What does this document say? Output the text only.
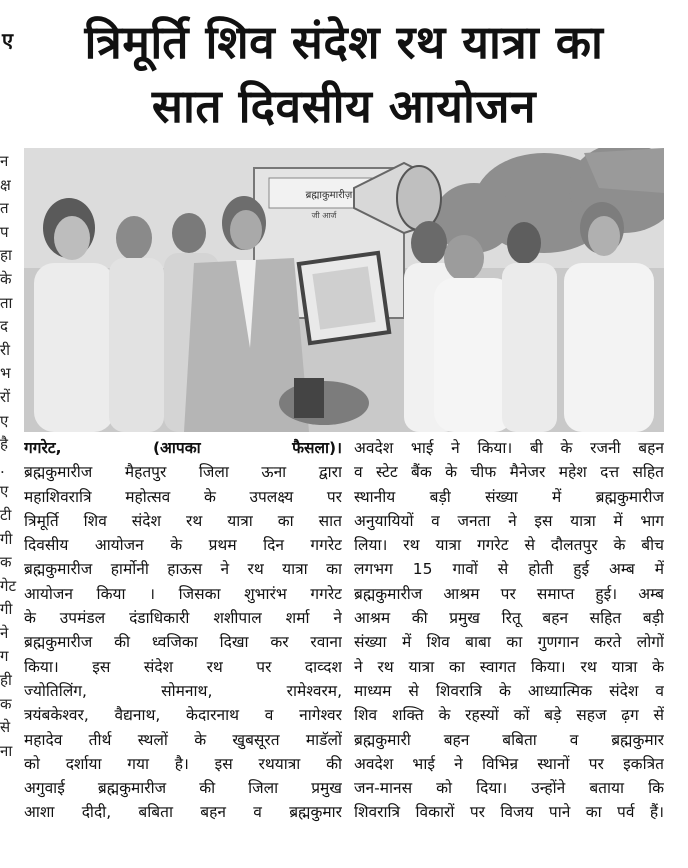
ए
न
क्ष
त
प
हा
के
ता
द
री
भ
रों
ए
है
.
ए
टी
गी
क
गेट
गी
ने
ग
ही
क
से
ना
त्रिमूर्ति शिव संदेश रथ यात्रा का
सात दिवसीय आयोजन
ब्रह्माकुमारीज़
जी आर्ज
गगरेट, (आपका फैसला)।
ब्रह्मकुमारीज मैहतपुर जिला ऊना द्वारा
महाशिवरात्रि महोत्सव के उपलक्ष्य पर
त्रिमूर्ति शिव संदेश रथ यात्रा का सात
दिवसीय आयोजन के प्रथम दिन गगरेट
ब्रह्मकुमारीज हार्मोनी हाऊस ने रथ यात्रा का
आयोजन किया । जिसका शुभारंभ गगरेट
के उपमंडल दंडाधिकारी शशीपाल शर्मा ने
ब्रह्मकुमारीज की ध्वजिका दिखा कर रवाना
किया। इस संदेश रथ पर दाव्दश
ज्योतिलिंग, सोमनाथ, रामेश्वरम,
त्रयंबकेश्वर, वैद्यनाथ, केदारनाथ व नागेश्वर
महादेव तीर्थ स्थलों के खुबसूरत माडॅलों
को दर्शाया गया है। इस रथयात्रा की
अगुवाई ब्रह्मकुमारीज की जिला प्रमुख
आशा दीदी, बबिता बहन व ब्रह्मकुमार
अवदेश भाई ने किया। बी के रजनी बहन
व स्टेट बैंक के चीफ मैनेजर महेश दत्त सहित
स्थानीय बड़ी संख्या में ब्रह्मकुमारीज
अनुयायियों व जनता ने इस यात्रा में भाग
लिया। रथ यात्रा गगरेट से दौलतपुर के बीच
लगभग 15 गावों से होती हुई अम्ब में
ब्रह्मकुमारीज आश्रम पर समाप्त हुई। अम्ब
आश्रम की प्रमुख रितू बहन सहित बड़ी
संख्या में शिव बाबा का गुणगान करते लोगों
ने रथ यात्रा का स्वागत किया। रथ यात्रा के
माध्यम से शिवरात्रि के आध्यात्मिक संदेश व
शिव शक्ति के रहस्यों कों बड़े सहज ढ़ग सें
ब्रह्मकुमारी बहन बबिता व ब्रह्मकुमार
अवदेश भाई ने विभिन्र स्थानों पर इकत्रित
जन-मानस को दिया। उन्होंने बताया कि
शिवरात्रि विकारों पर विजय पाने का पर्व हैं।
